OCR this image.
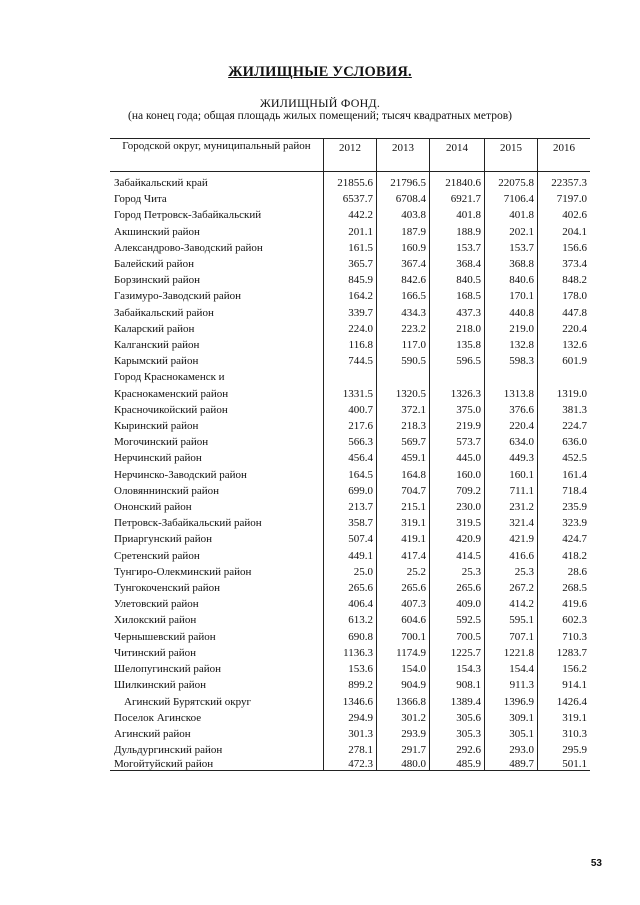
ЖИЛИЩНЫЕ УСЛОВИЯ.
ЖИЛИЩНЫЙ ФОНД.
(на конец года; общая площадь жилых помещений; тысяч квадратных метров)
Городской округ, муниципальный район	2012	2013	2014	2015	2016
Забайкальский край	21855.6	21796.5	21840.6	22075.8	22357.3
Город Чита	6537.7	6708.4	6921.7	7106.4	7197.0
Город Петровск-Забайкальский	442.2	403.8	401.8	401.8	402.6
Акшинский район	201.1	187.9	188.9	202.1	204.1
Александрово-Заводский район	161.5	160.9	153.7	153.7	156.6
Балейский район	365.7	367.4	368.4	368.8	373.4
Борзинский район	845.9	842.6	840.5	840.6	848.2
Газимуро-Заводский район	164.2	166.5	168.5	170.1	178.0
Забайкальский район	339.7	434.3	437.3	440.8	447.8
Каларский район	224.0	223.2	218.0	219.0	220.4
Калганский район	116.8	117.0	135.8	132.8	132.6
Карымский район	744.5	590.5	596.5	598.3	601.9
Город Краснокаменск и					
Краснокаменский район	1331.5	1320.5	1326.3	1313.8	1319.0
Красночикойский район	400.7	372.1	375.0	376.6	381.3
Кыринский район	217.6	218.3	219.9	220.4	224.7
Могочинский район	566.3	569.7	573.7	634.0	636.0
Нерчинский район	456.4	459.1	445.0	449.3	452.5
Нерчинско-Заводский район	164.5	164.8	160.0	160.1	161.4
Оловяннинский район	699.0	704.7	709.2	711.1	718.4
Ононский район	213.7	215.1	230.0	231.2	235.9
Петровск-Забайкальский район	358.7	319.1	319.5	321.4	323.9
Приаргунский район	507.4	419.1	420.9	421.9	424.7
Сретенский район	449.1	417.4	414.5	416.6	418.2
Тунгиро-Олекминский район	25.0	25.2	25.3	25.3	28.6
Тунгокоченский район	265.6	265.6	265.6	267.2	268.5
Улетовский район	406.4	407.3	409.0	414.2	419.6
Хилокский район	613.2	604.6	592.5	595.1	602.3
Чернышевский район	690.8	700.1	700.5	707.1	710.3
Читинский район	1136.3	1174.9	1225.7	1221.8	1283.7
Шелопугинский район	153.6	154.0	154.3	154.4	156.2
Шилкинский район	899.2	904.9	908.1	911.3	914.1
Агинский Бурятский округ	1346.6	1366.8	1389.4	1396.9	1426.4
Поселок Агинское	294.9	301.2	305.6	309.1	319.1
Агинский район	301.3	293.9	305.3	305.1	310.3
Дульдургинский район	278.1	291.7	292.6	293.0	295.9
Могойтуйский район	472.3	480.0	485.9	489.7	501.1
53
